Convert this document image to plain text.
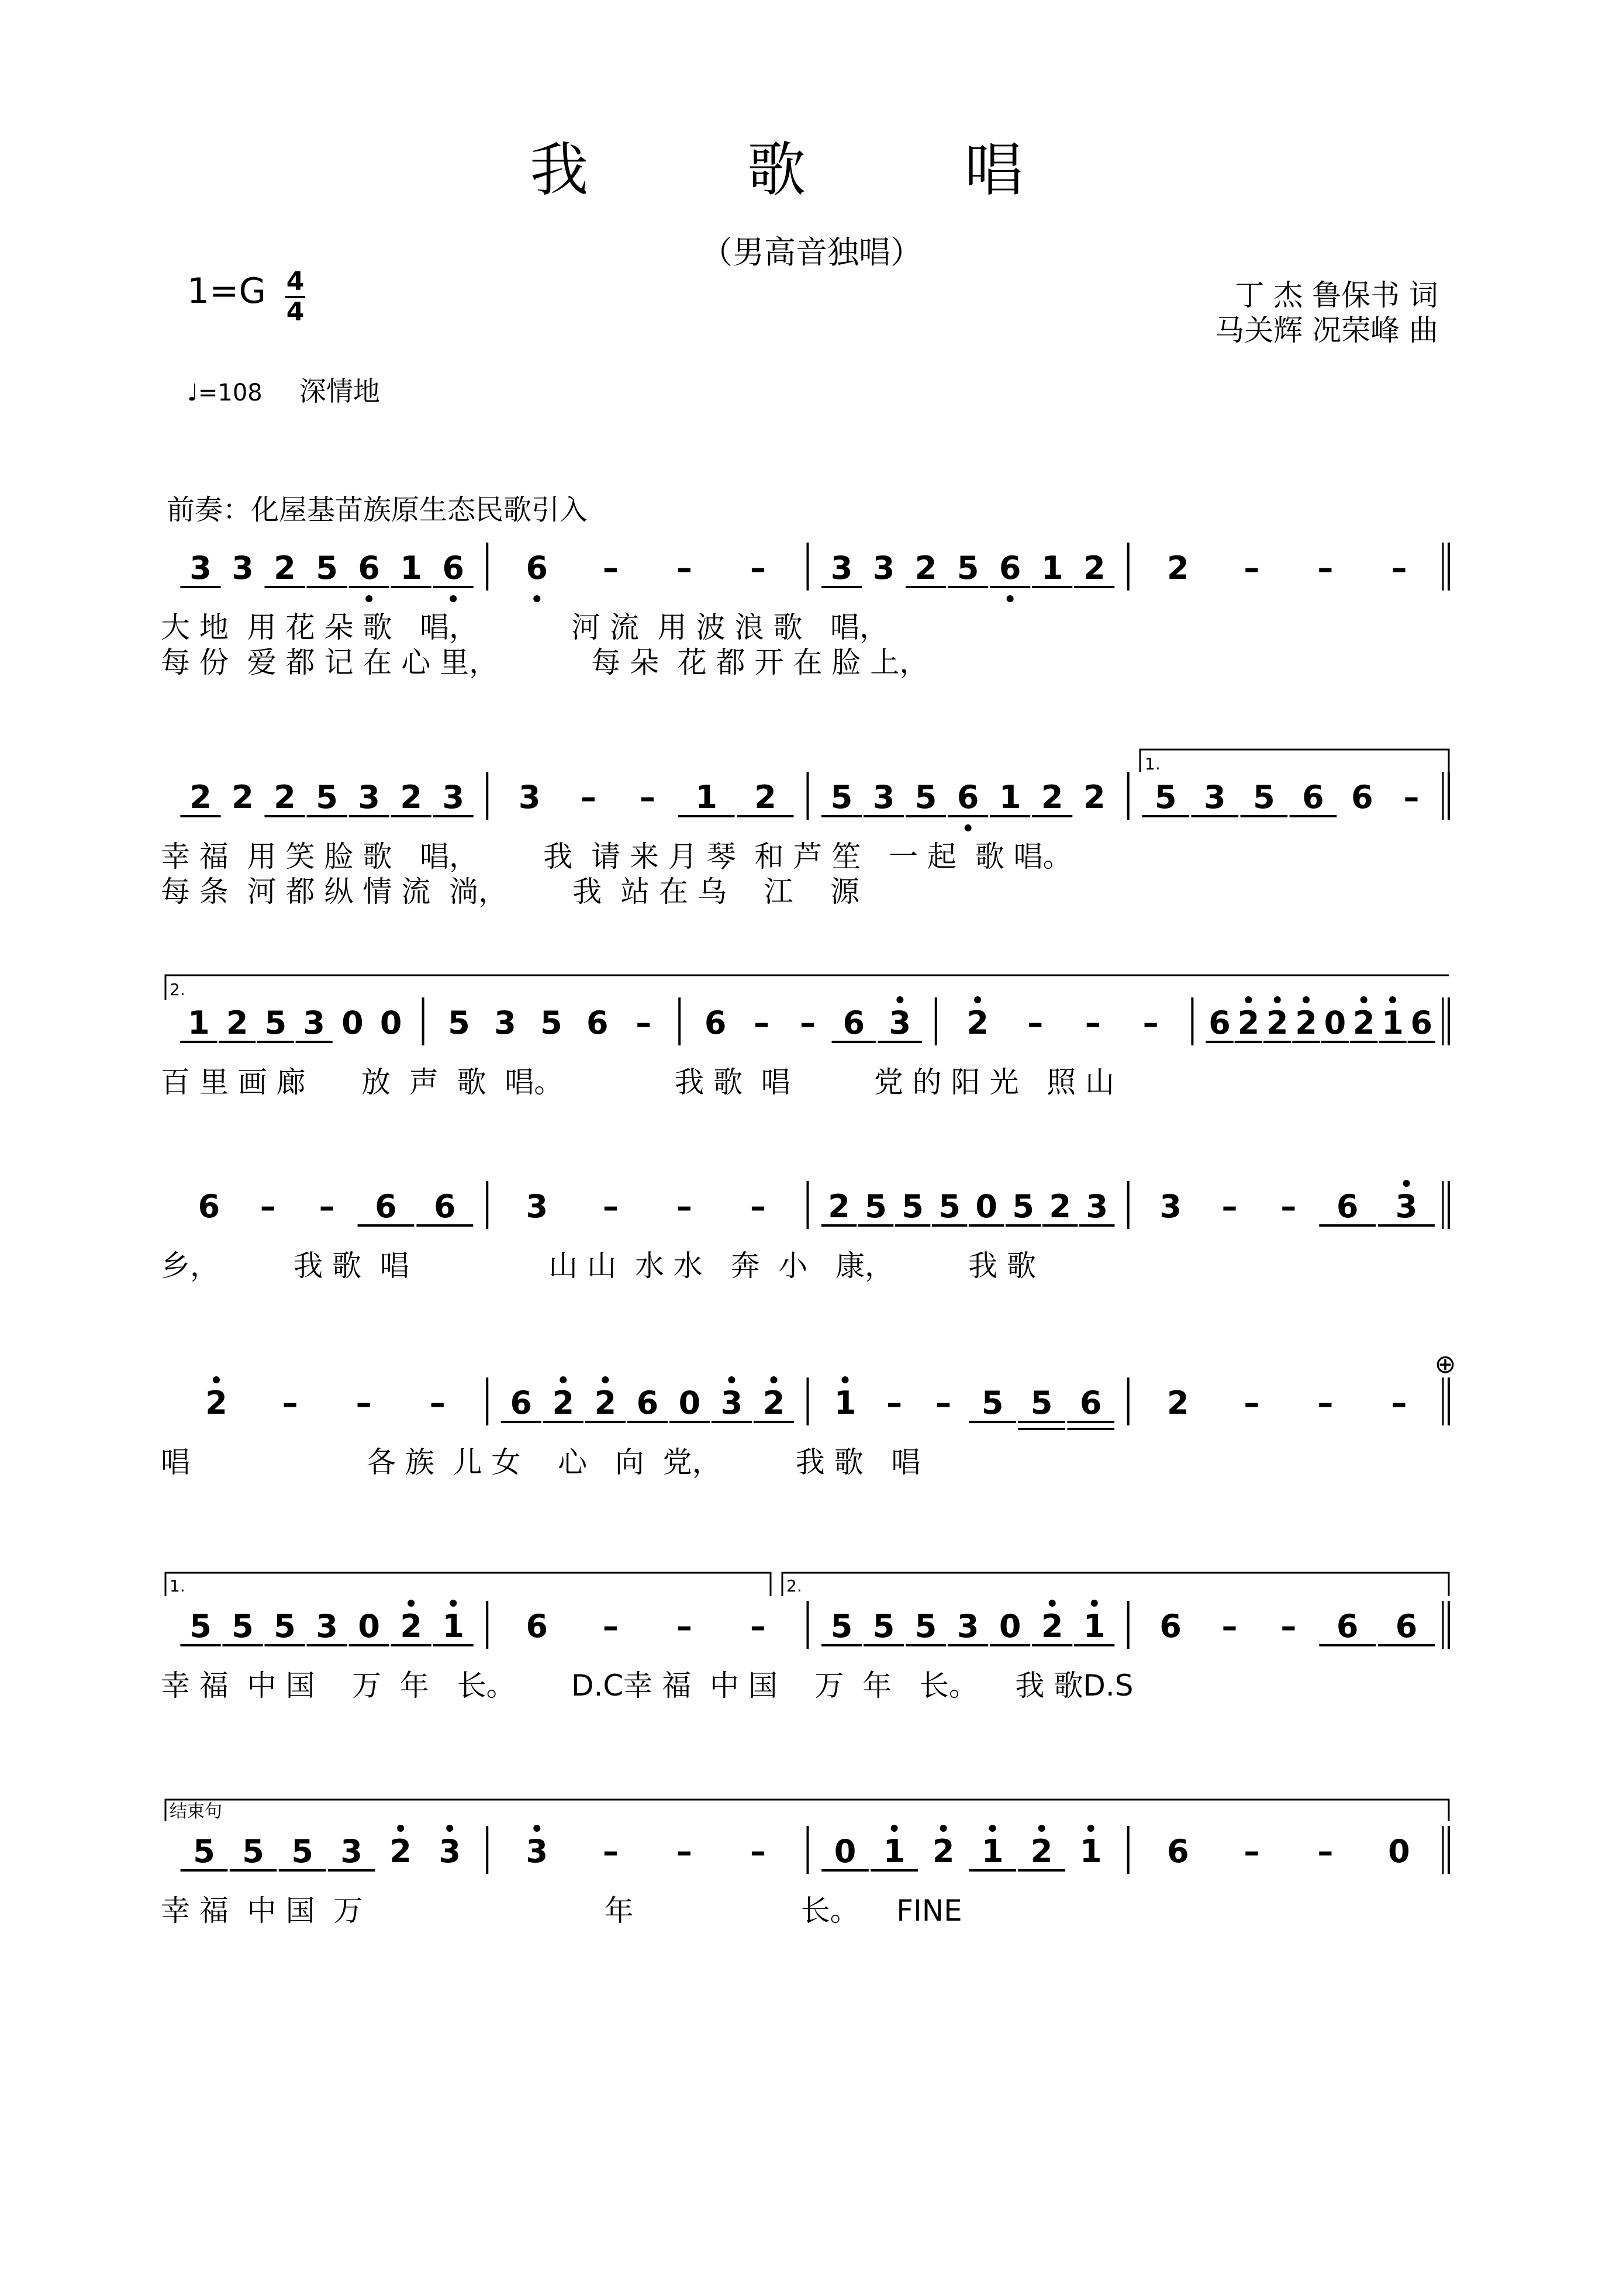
我 歌 唱
（男高音独唱）
1=G 4
4	丁 杰 鲁保书 词
马关辉 况荣峰 曲
♩=108 深情地
前奏：化屋基苗族原生态民歌引入
1.
2.
1.	2.
结束句
⊕
3 3 2 5 6 1 6 6 – – – 3 3 2 5 6 1 2 2 – – –
大 地  用 花 朵 歌   唱，          河 流  用 波 浪 歌   唱，
每 份  爱 都 记 在 心 里，          每 朵  花 都 开 在 脸 上，
2 2 2 5 3 2 3 3 – – 1 2 5 3 5 6 1 2 2 5 3 5 6 6 –
幸 福  用 笑 脸 歌   唱，       我  请 来 月 琴  和 芦 笙   一 起  歌 唱。
每 条  河 都 纵 情 流  淌，       我  站 在 乌    江    源
1 2 5 3 0 0 5 3 5 6 – 6 – – 6 3 2 – – – 6 2 2 2 0 2 1 6
百 里 画 廊      放  声  歌  唱。            我 歌  唱         党 的 阳 光   照 山
6 – – 6 6 3 – – – 2 5 5 5 0 5 2 3 3 – – 6 3
乡，        我 歌  唱               山 山  水 水   奔  小   康，        我 歌
2 – – – 6 2 2 6 0 3 2 1 – – 5 5 6 2 – – –
唱                   各 族  儿 女    心   向  党，        我 歌   唱
5 5 5 3 0 2 1 6 – – – 5 5 5 3 0 2 1 6 – – 6 6
幸 福  中 国    万  年   长。      D.C幸 福  中 国    万  年   长。    我 歌D.S
5 5 5 3 2 3 3 – – – 0 1 2 1 2 1 6 – – 0
幸 福  中 国  万                          年                  长。    FINE
